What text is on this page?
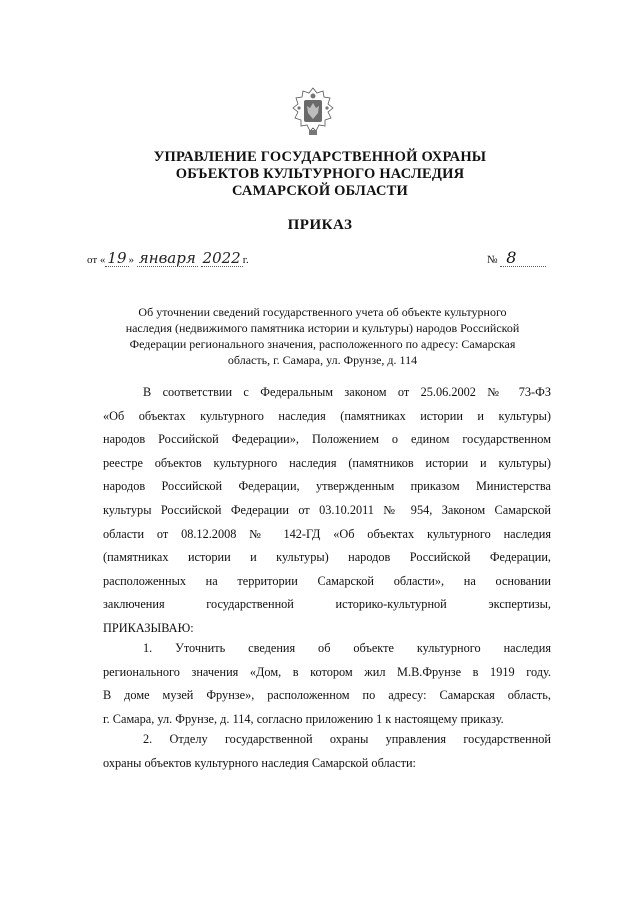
УПРАВЛЕНИЕ ГОСУДАРСТВЕННОЙ ОХРАНЫ
ОБЪЕКТОВ КУЛЬТУРНОГО НАСЛЕДИЯ
САМАРСКОЙ ОБЛАСТИ
ПРИКАЗ
от « 19 » января 2022 г.	№ 8
Об уточнении сведений государственного учета об объекте культурного
наследия (недвижимого памятника истории и культуры) народов Российской
Федерации регионального значения, расположенного по адресу: Самарская
область, г. Самара, ул. Фрунзе, д. 114
В соответствии с Федеральным законом от 25.06.2002 № 73-ФЗ
«Об объектах культурного наследия (памятниках истории и культуры)
народов Российской Федерации», Положением о едином государственном
реестре объектов культурного наследия (памятников истории и культуры)
народов Российской Федерации, утвержденным приказом Министерства
культуры Российской Федерации от 03.10.2011 № 954, Законом Самарской
области от 08.12.2008 № 142-ГД «Об объектах культурного наследия
(памятниках истории и культуры) народов Российской Федерации,
расположенных на территории Самарской области», на основании
заключения государственной историко-культурной экспертизы,
ПРИКАЗЫВАЮ:
1. Уточнить сведения об объекте культурного наследия
регионального значения «Дом, в котором жил М.В.Фрунзе в 1919 году.
В доме музей Фрунзе», расположенном по адресу: Самарская область,
г. Самара, ул. Фрунзе, д. 114, согласно приложению 1 к настоящему приказу.
2. Отделу государственной охраны управления государственной
охраны объектов культурного наследия Самарской области:
